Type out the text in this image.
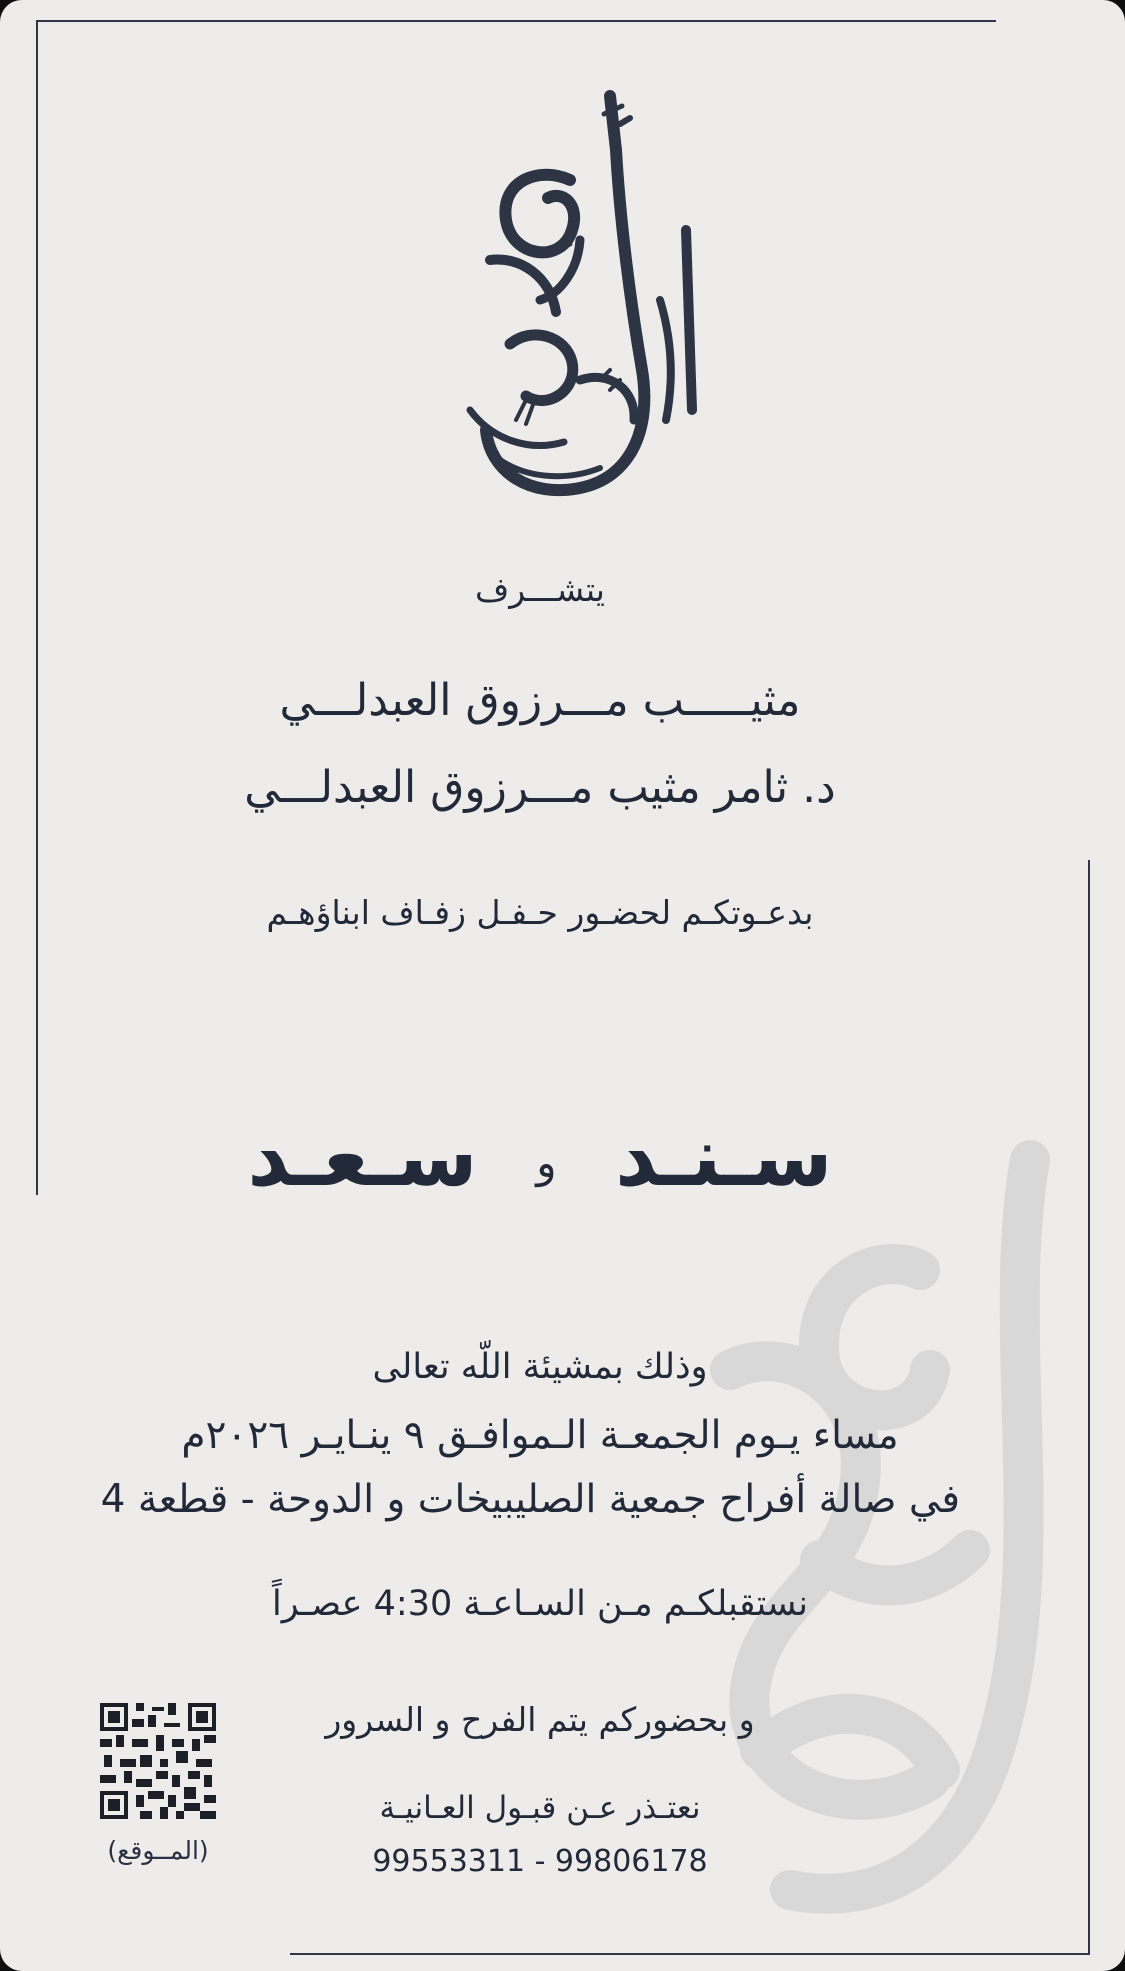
أفراح المهلكي
يتشـــرف
مثيـــــب مـــرزوق العبدلـــي
د. ثامر مثيب مـــرزوق العبدلـــي
بدعـوتكـم لحضـور حـفـل زفـاف ابناؤهـم
سـنـد و سـعـد
وذلك بمشيئة اللّه تعالى
مساء يـوم الجمعـة الـموافـق ٩ ينـايـر ٢٠٢٦م
في صالة أفراح جمعية الصليبيخات و الدوحة - قطعة 4
نستقبلكـم مـن السـاعـة 4:30 عصـراً
و بحضوركم يتم الفرح و السرور
نعتـذر عـن قبـول العـانيـة
99553311 - 99806178
(المــوقع)
